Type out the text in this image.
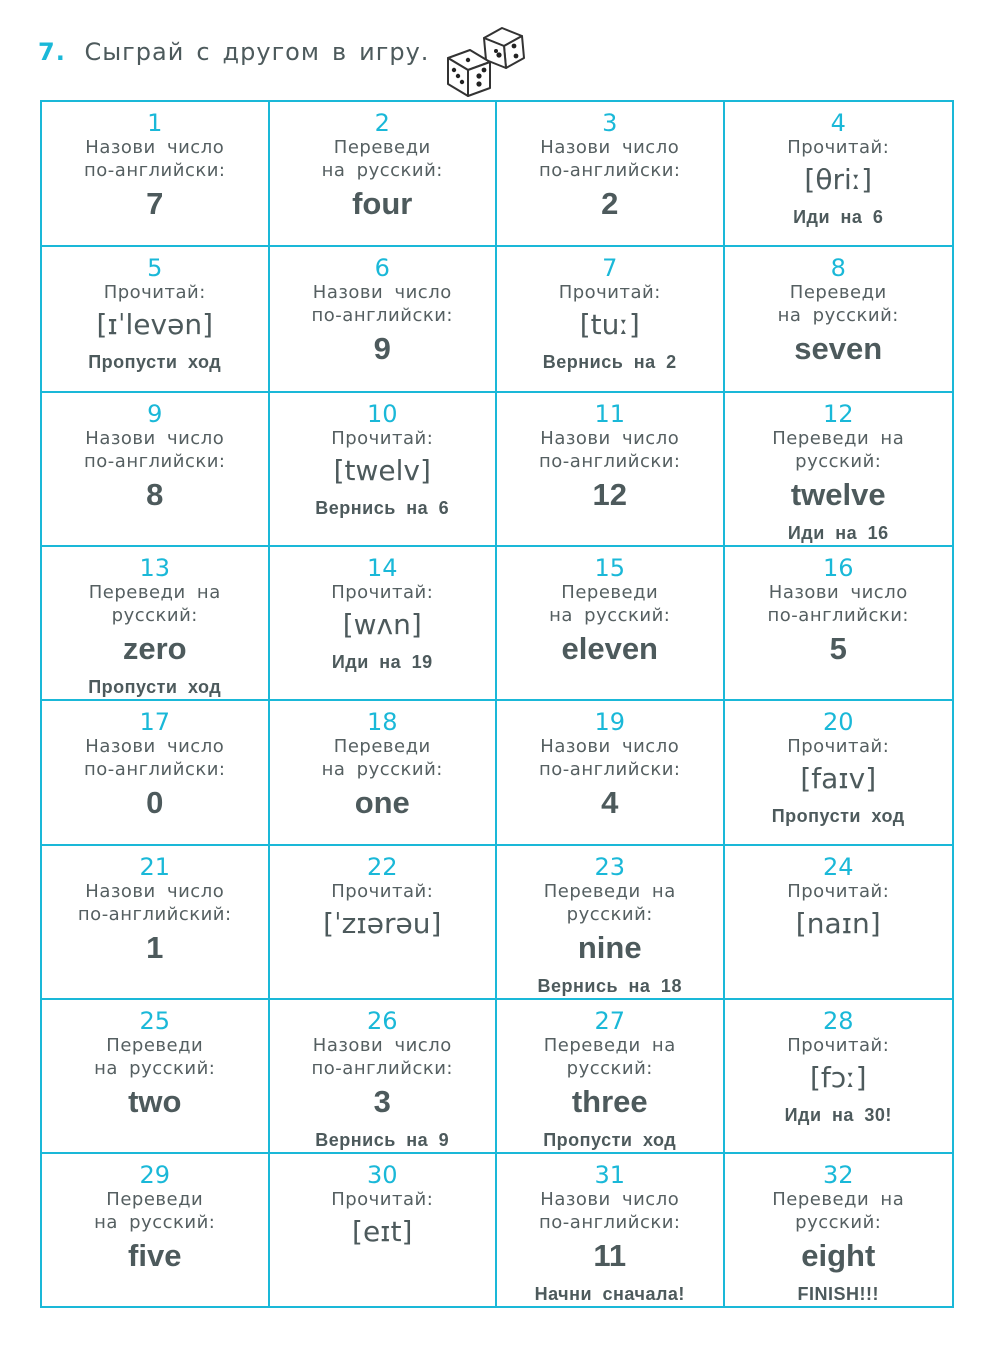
7. Сыграй с другом в игру.
1
Назови число
по-английски:
7
2
Переведи
на русский:
four
3
Назови число
по-английски:
2
4
Прочитай:
[θriː]
Иди на 6
5
Прочитай:
[ɪˈlevən]
Пропусти ход
6
Назови число
по-английски:
9
7
Прочитай:
[tuː]
Вернись на 2
8
Переведи
на русский:
seven
9
Назови число
по-английски:
8
10
Прочитай:
[twelv]
Вернись на 6
11
Назови число
по-английски:
12
12
Переведи на русский:
twelve
Иди на 16
13
Переведи на русский:
zero
Пропусти ход
14
Прочитай:
[wʌn]
Иди на 19
15
Переведи
на русский:
eleven
16
Назови число
по-английски:
5
17
Назови число
по-английски:
0
18
Переведи
на русский:
one
19
Назови число
по-английски:
4
20
Прочитай:
[faɪv]
Пропусти ход
21
Назови число
по-английский:
1
22
Прочитай:
[ˈzɪərəu]
23
Переведи на русский:
nine
Вернись на 18
24
Прочитай:
[naɪn]
25
Переведи
на русский:
two
26
Назови число
по-английски:
3
Вернись на 9
27
Переведи на русский:
three
Пропусти ход
28
Прочитай:
[fɔː]
Иди на 30!
29
Переведи
на русский:
five
30
Прочитай:
[eɪt]
31
Назови число
по-английски:
11
Начни сначала!
32
Переведи на русский:
eight
FINISH!!!
